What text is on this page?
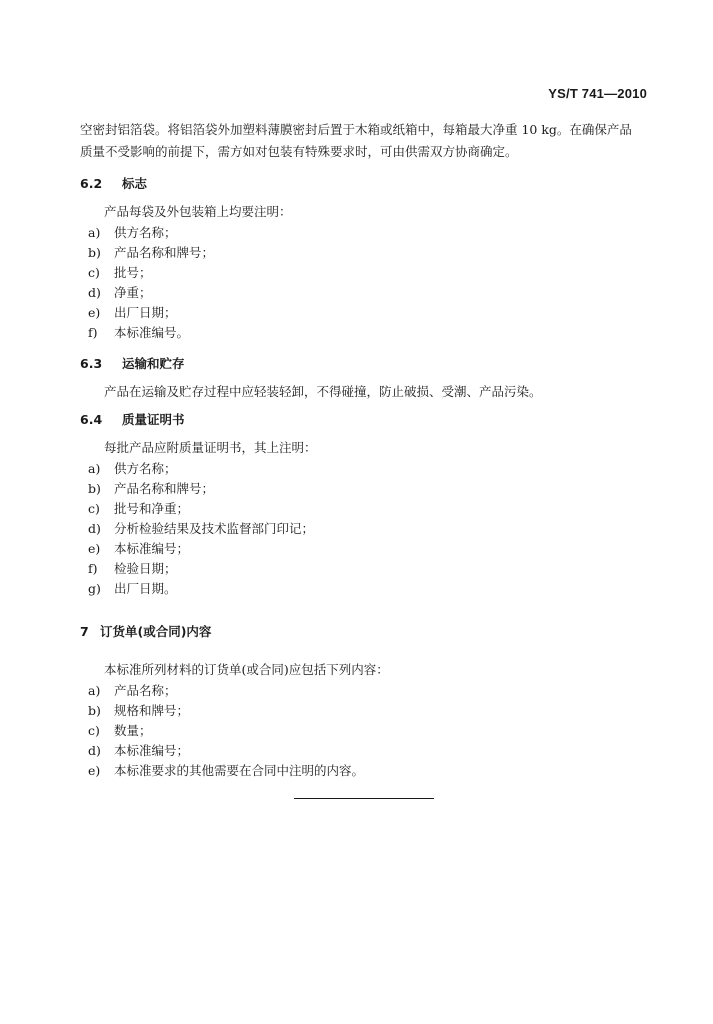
YS/T 741—2010

空密封铝箔袋。将铝箔袋外加塑料薄膜密封后置于木箱或纸箱中，每箱最大净重 10 kg。在确保产品

质量不受影响的前提下，需方如对包装有特殊要求时，可由供需双方协商确定。

6.2 标志

产品每袋及外包装箱上均要注明：

a) 供方名称；
b) 产品名称和牌号；
c) 批号；
d) 净重；
e) 出厂日期；
f) 本标准编号。
6.3 运输和贮存

产品在运输及贮存过程中应轻装轻卸，不得碰撞，防止破损、受潮、产品污染。

6.4 质量证明书

每批产品应附质量证明书，其上注明：

a) 供方名称；
b) 产品名称和牌号；
c) 批号和净重；
d) 分析检验结果及技术监督部门印记；
e) 本标准编号；
f) 检验日期；
g) 出厂日期。
7 订货单(或合同)内容

本标准所列材料的订货单(或合同)应包括下列内容：

a) 产品名称；
b) 规格和牌号；
c) 数量；
d) 本标准编号；
e) 本标准要求的其他需要在合同中注明的内容。
